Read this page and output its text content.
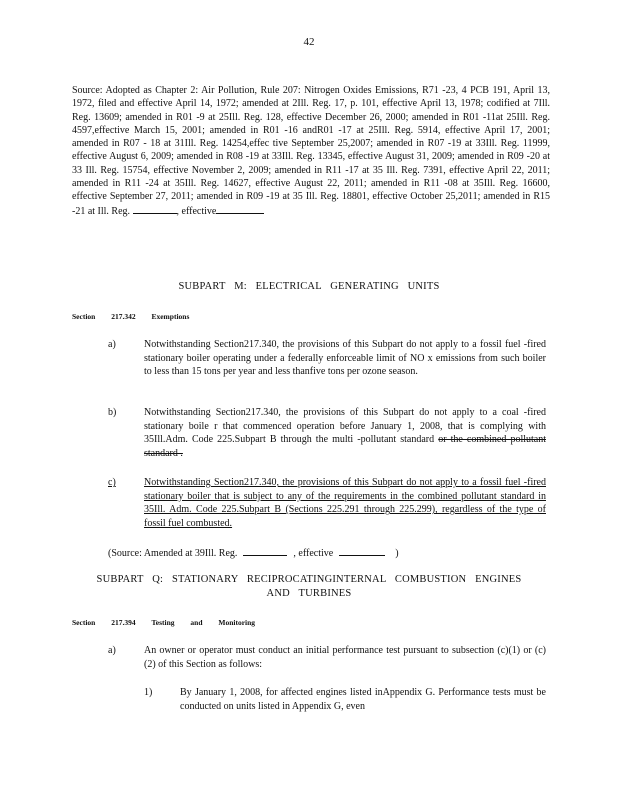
42
Source: Adopted as Chapter 2: Air Pollution, Rule 207: Nitrogen Oxides Emissions, R71 -23, 4 PCB 191, April 13, 1972, filed and effective April 14, 1972; amended at 2Ill. Reg. 17, p. 101, effective April 13, 1978; codified at 7Ill. Reg. 13609; amended in R01 -9 at 25Ill. Reg. 128, effective December 26, 2000; amended in R01 -11at 25Ill. Reg. 4597,effective March 15, 2001; amended in R01 -16 andR01 -17 at 25Ill. Reg. 5914, effective April 17, 2001; amended in R07 - 18 at 31Ill. Reg. 14254,effec tive September 25,2007; amended in R07 -19 at 33Ill. Reg. 11999, effective August 6, 2009; amended in R08 -19 at 33Ill. Reg. 13345, effective August 31, 2009; amended in R09 -20 at 33 Ill. Reg. 15754, effective November 2, 2009; amended in R11 -17 at 35 Ill. Reg. 7391, effective April 22, 2011; amended in R11 -24 at 35Ill. Reg. 14627, effective August 22, 2011; amended in R11 -08 at 35Ill. Reg. 16600, effective September 27, 2011; amended in R09 -19 at 35 Ill. Reg. 18801, effective October 25,2011; amended in R15 -21 at Ill. Reg.	, effective
SUBPART M: ELECTRICAL GENERATING UNITS
Section 217.342 Exemptions
a)	Notwithstanding Section217.340, the provisions of this Subpart do not apply to a fossil fuel -fired stationary boiler operating under a federally enforceable limit of NO x emissions from such boiler to less than 15 tons per year and less thanfive tons per ozone season.
b)	Notwithstanding Section217.340, the provisions of this Subpart do not apply to a coal -fired stationary boile r that commenced operation before January 1, 2008, that is complying with 35Ill.Adm. Code 225.Subpart B through the multi -pollutant standard or the combined pollutant standard .
c)	Notwithstanding Section217.340, the provisions of this Subpart do not apply to a fossil fuel -fired stationary boiler that is subject to any of the requirements in the combined pollutant standard in 35Ill. Adm. Code 225.Subpart B (Sections 225.291 through 225.299), regardless of the type of fossil fuel combusted.
(Source: Amended at 39Ill. Reg.	, effective	)
SUBPART Q: STATIONARY RECIPROCATINGINTERNAL COMBUSTION ENGINES
AND TURBINES
Section 217.394 Testing and Monitoring
a)	An owner or operator must conduct an initial performance test pursuant to subsection (c)(1) or (c)(2) of this Section as follows:
1)	By January 1, 2008, for affected engines listed inAppendix G. Performance tests must be conducted on units listed in Appendix G, even
